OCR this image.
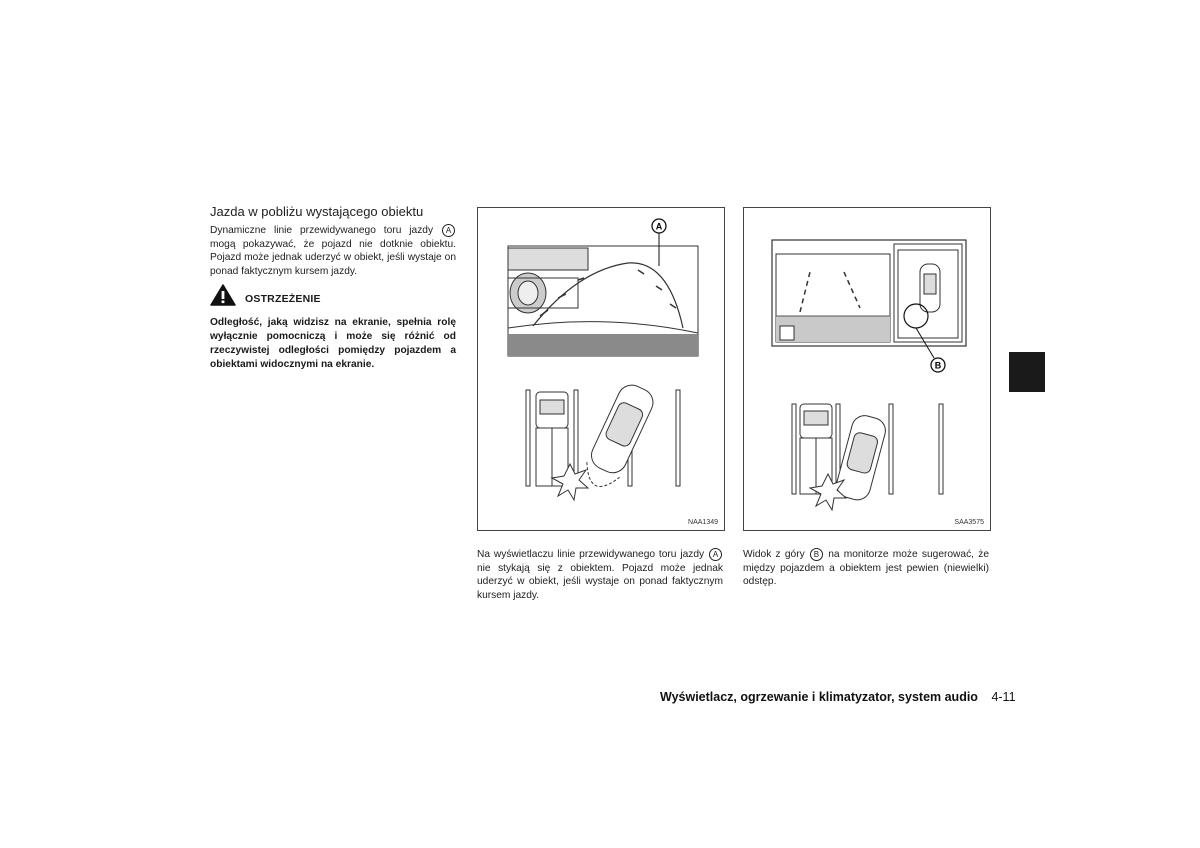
Jazda w pobliżu wystającego obiektu
Dynamiczne linie przewidywanego toru jazdy A mogą pokazywać, że pojazd nie dotknie obiektu. Pojazd może jednak uderzyć w obiekt, jeśli wystaje on ponad faktycznym kursem jazdy.
OSTRZEŻENIE
Odległość, jaką widzisz na ekranie, spełnia rolę wyłącznie pomocniczą i może się różnić od rzeczywistej odległości pomiędzy pojazdem a obiektami widocznymi na ekranie.
A
NAA1349
Na wyświetlaczu linie przewidywanego toru jazdy A nie stykają się z obiektem. Pojazd może jednak uderzyć w obiekt, jeśli wystaje on ponad faktycznym kursem jazdy.
B
SAA3575
Widok z góry B na monitorze może sugerować, że między pojazdem a obiektem jest pewien (niewielki) odstęp.
Wyświetlacz, ogrzewanie i klimatyzator, system audio 4-11
